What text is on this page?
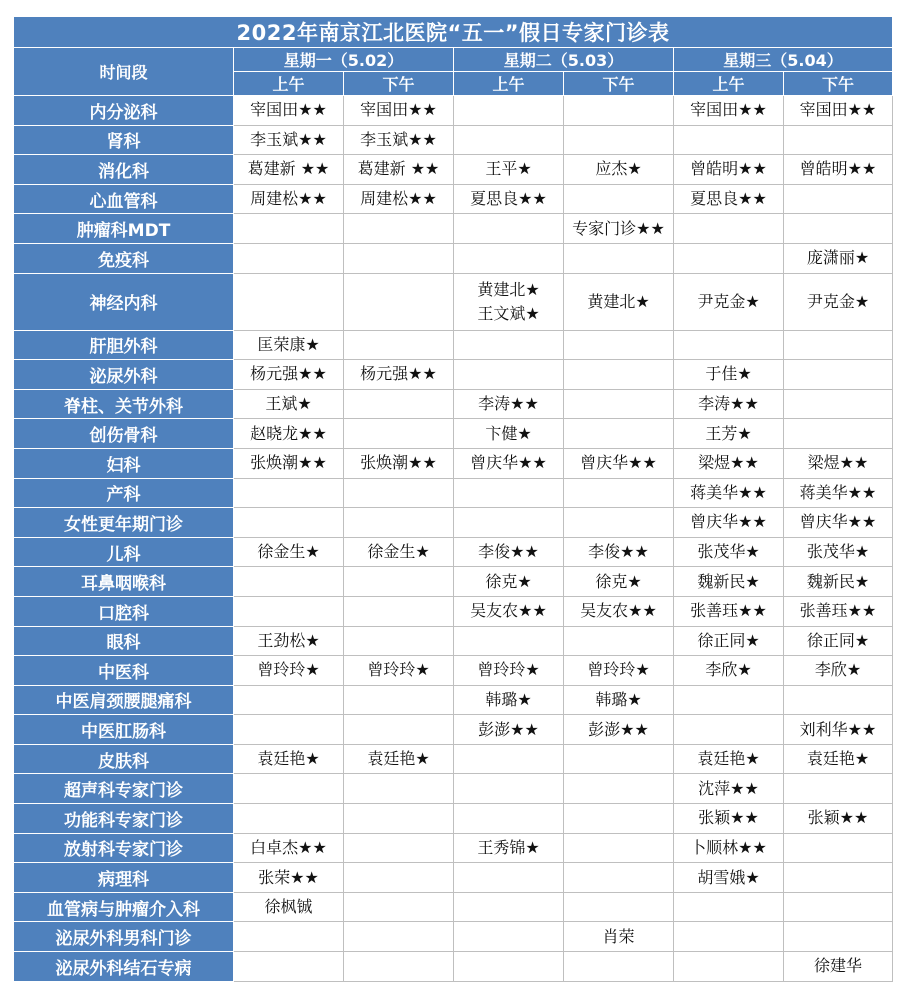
2022年南京江北医院“五一”假日专家门诊表						
时间段	星期一（5.02）		星期二（5.03）		星期三（5.04）	
	上午	下午	上午	下午	上午	下午
内分泌科	宰国田★★	宰国田★★			宰国田★★	宰国田★★

肾科	李玉斌★★	李玉斌★★				

消化科	葛建新 ★★	葛建新 ★★	王平★	应杰★	曾皓明★★	曾皓明★★

心血管科	周建松★★	周建松★★	夏思良★★		夏思良★★	

肿瘤科MDT				专家门诊★★		

免疫科						庞潇丽★

神经内科			黄建北★
王文斌★	黄建北★	尹克金★	尹克金★

肝胆外科	匡荣康★					

泌尿外科	杨元强★★	杨元强★★			于佳★	

脊柱、关节外科	王斌★		李涛★★		李涛★★	

创伤骨科	赵晓龙★★		卞健★		王芳★	

妇科	张焕潮★★	张焕潮★★	曾庆华★★	曾庆华★★	梁煜★★	梁煜★★

产科					蒋美华★★	蒋美华★★

女性更年期门诊					曾庆华★★	曾庆华★★

儿科	徐金生★	徐金生★	李俊★★	李俊★★	张茂华★	张茂华★

耳鼻咽喉科			徐克★	徐克★	魏新民★	魏新民★

口腔科			吴友农★★	吴友农★★	张善珏★★	张善珏★★

眼科	王劲松★				徐正同★	徐正同★

中医科	曾玲玲★	曾玲玲★	曾玲玲★	曾玲玲★	李欣★	李欣★

中医肩颈腰腿痛科			韩璐★	韩璐★		

中医肛肠科			彭澎★★	彭澎★★		刘利华★★

皮肤科	袁廷艳★	袁廷艳★			袁廷艳★	袁廷艳★

超声科专家门诊					沈萍★★	

功能科专家门诊					张颖★★	张颖★★

放射科专家门诊	白卓杰★★		王秀锦★		卜顺林★★	

病理科	张荣★★				胡雪娥★	

血管病与肿瘤介入科	徐枫铖					

泌尿外科男科门诊				肖荣		

泌尿外科结石专病						徐建华
